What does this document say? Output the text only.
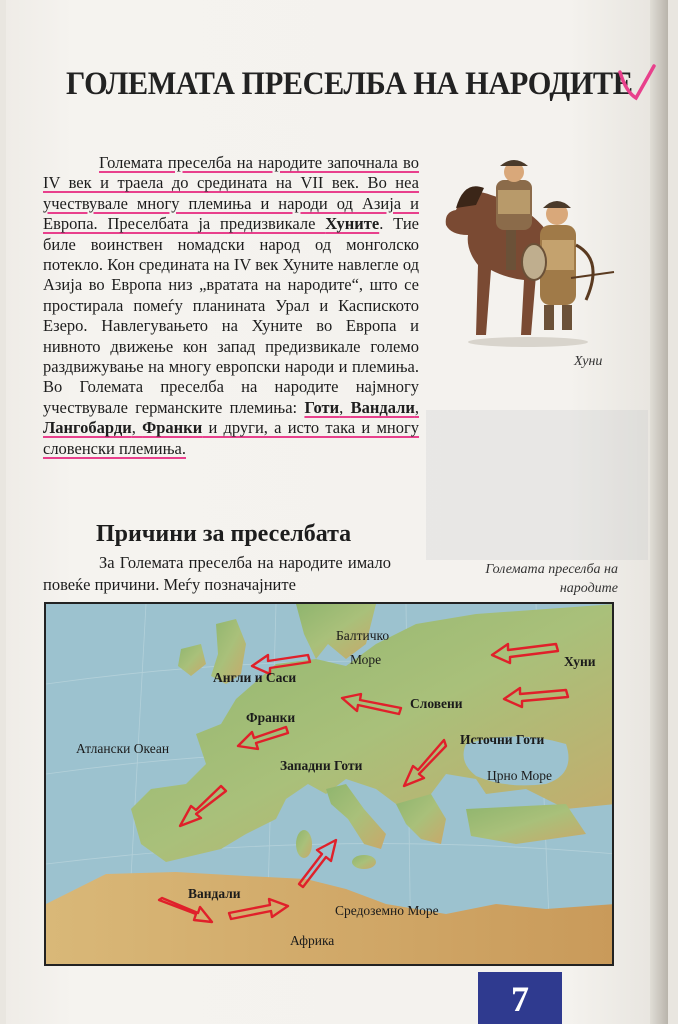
ГОЛЕМАТА ПРЕСЕЛБА НА НАРОДИТЕ

Големата преселба на народите започнала во IV век и траела до средината на VII век. Во неа учествувале многу племиња и народи од Азија и Европа. Преселбата ја предизвикале Хуните. Тие биле воинствен номадски народ од монголско потекло. Кон средината на IV век Хуните навлегле од Азија во Европа низ „вратата на народите“, што се простирала помеѓу планината Урал и Каспиското Езеро. Навлегувањето на Хуните во Европа и нивното движење кон запад предизвикале големо раздвижување на многу европски народи и племиња. Во Големата преселба на народите најмногу учествувале германските племиња: Готи, Вандали, Лангобарди, Франки и други, а исто така и многу словенски племиња.

Хуни
Причини за преселбата

За Големата преселба на народите имало повеќе причини. Меѓу позначајните

Големата преселба на
народите
Балтичко
Море	Хуни
Англи и Саси
Словени
Франки
Атлански Океан
Источни Готи
Западни Готи
Црно Море
Вандали
Средоземно Море
Африка
7
